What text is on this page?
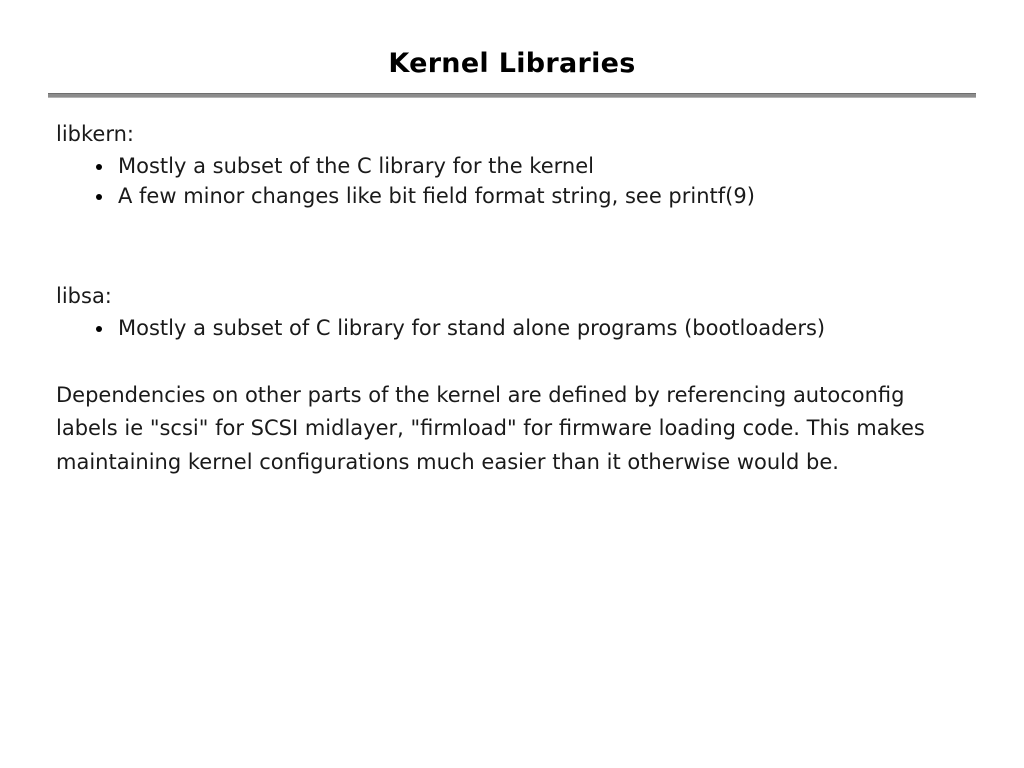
Kernel Libraries
libkern:
Mostly a subset of the C library for the kernel
A few minor changes like bit field format string, see printf(9)
libsa:
Mostly a subset of C library for stand alone programs (bootloaders)
Dependencies on other parts of the kernel are defined by referencing autoconfig labels ie "scsi" for SCSI midlayer, "firmload" for firmware loading code. This makes maintaining kernel configurations much easier than it otherwise would be.
